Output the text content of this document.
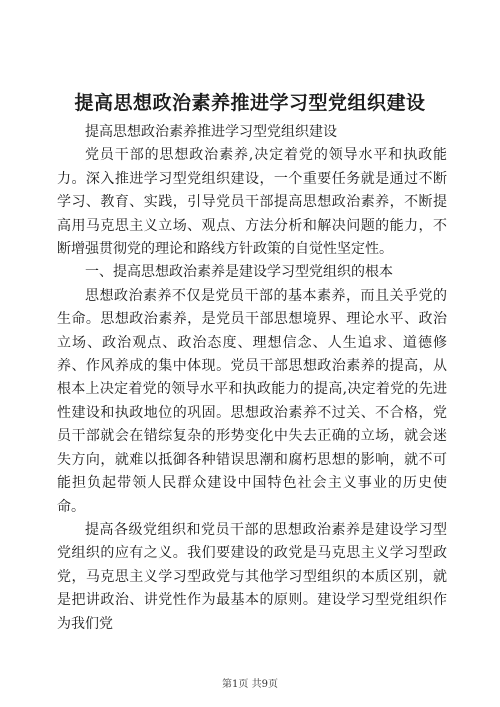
提高思想政治素养推进学习型党组织建设

提高思想政治素养推进学习型党组织建设

党员干部的思想政治素养,决定着党的领导水平和执政能力。深入推进学习型党组织建设，一个重要任务就是通过不断学习、教育、实践，引导党员干部提高思想政治素养，不断提高用马克思主义立场、观点、方法分析和解决问题的能力，不断增强贯彻党的理论和路线方针政策的自觉性坚定性。

一、提高思想政治素养是建设学习型党组织的根本

思想政治素养不仅是党员干部的基本素养，而且关乎党的生命。思想政治素养，是党员干部思想境界、理论水平、政治立场、政治观点、政治态度、理想信念、人生追求、道德修养、作风养成的集中体现。党员干部思想政治素养的提高，从根本上决定着党的领导水平和执政能力的提高,决定着党的先进性建设和执政地位的巩固。思想政治素养不过关、不合格，党员干部就会在错综复杂的形势变化中失去正确的立场，就会迷失方向，就难以抵御各种错误思潮和腐朽思想的影响，就不可能担负起带领人民群众建设中国特色社会主义事业的历史使命。

提高各级党组织和党员干部的思想政治素养是建设学习型党组织的应有之义。我们要建设的政党是马克思主义学习型政党，马克思主义学习型政党与其他学习型组织的本质区别，就是把讲政治、讲党性作为最基本的原则。建设学习型党组织作为我们党

第1页 共9页
